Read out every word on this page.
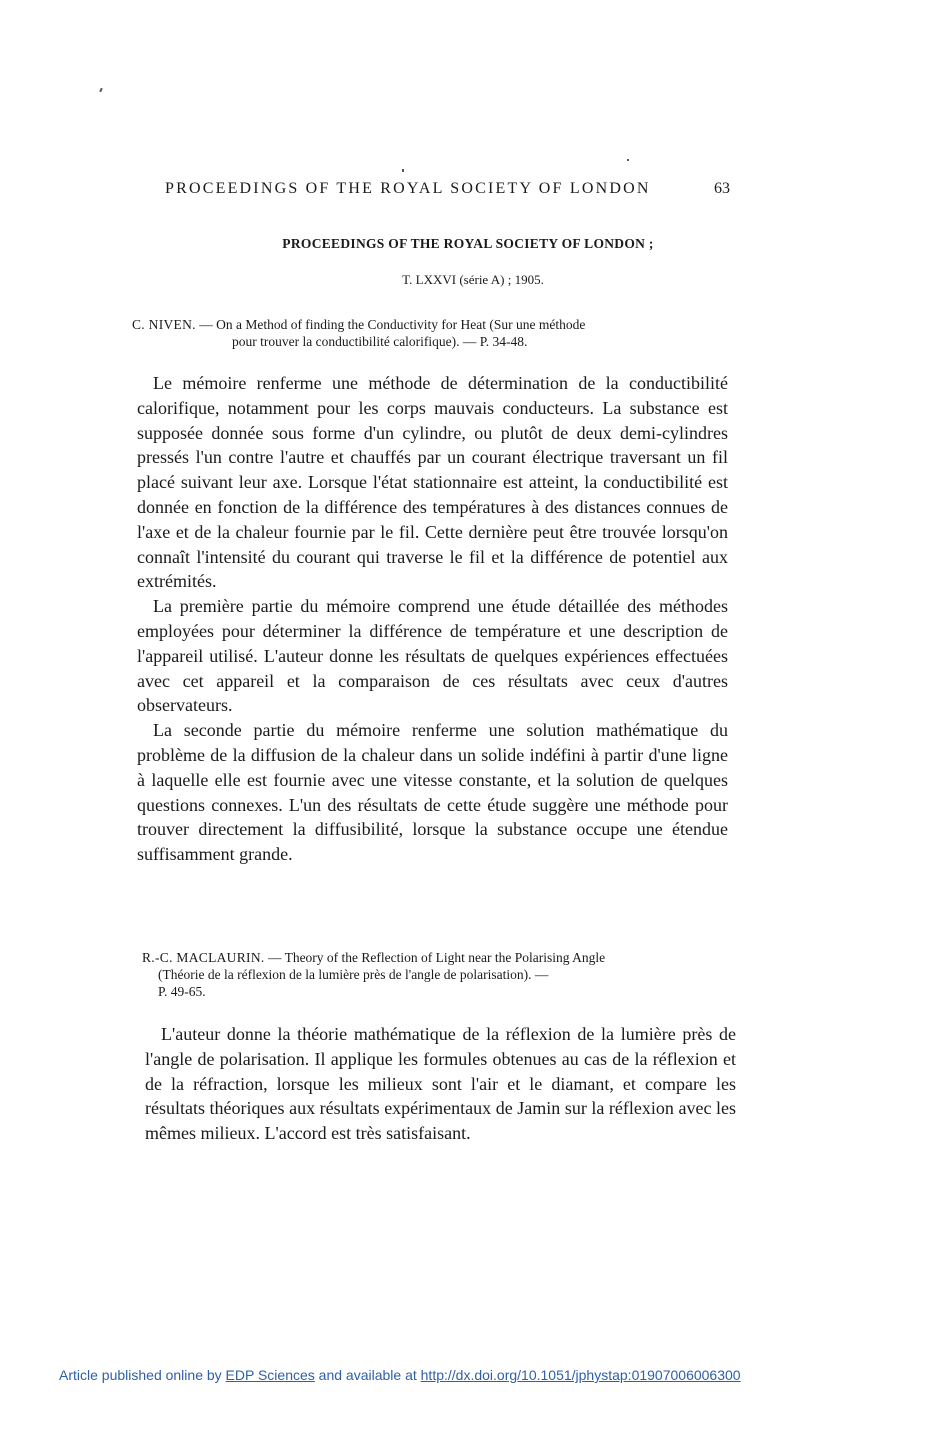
PROCEEDINGS OF THE ROYAL SOCIETY OF LONDON	63
PROCEEDINGS OF THE ROYAL SOCIETY OF LONDON ;
T. LXXVI (série A) ; 1905.
C. NIVEN. — On a Method of finding the Conductivity for Heat (Sur une méthode
pour trouver la conductibilité calorifique). — P. 34-48.

Le mémoire renferme une méthode de détermination de la conductibilité calorifique, notamment pour les corps mauvais conducteurs. La substance est supposée donnée sous forme d'un cylindre, ou plutôt de deux demi-cylindres pressés l'un contre l'autre et chauffés par un courant électrique traversant un fil placé suivant leur axe. Lorsque l'état stationnaire est atteint, la conductibilité est donnée en fonction de la différence des températures à des distances connues de l'axe et de la chaleur fournie par le fil. Cette dernière peut être trouvée lorsqu'on connaît l'intensité du courant qui traverse le fil et la différence de potentiel aux extrémités.

La première partie du mémoire comprend une étude détaillée des méthodes employées pour déterminer la différence de température et une description de l'appareil utilisé. L'auteur donne les résultats de quelques expériences effectuées avec cet appareil et la comparaison de ces résultats avec ceux d'autres observateurs.

La seconde partie du mémoire renferme une solution mathématique du problème de la diffusion de la chaleur dans un solide indéfini à partir d'une ligne à laquelle elle est fournie avec une vitesse constante, et la solution de quelques questions connexes. L'un des résultats de cette étude suggère une méthode pour trouver directement la diffusibilité, lorsque la substance occupe une étendue suffisamment grande.

R.-C. MACLAURIN. — Theory of the Reflection of Light near the Polarising Angle
(Théorie de la réflexion de la lumière près de l'angle de polarisation). —
P. 49-65.

L'auteur donne la théorie mathématique de la réflexion de la lumière près de l'angle de polarisation. Il applique les formules obtenues au cas de la réflexion et de la réfraction, lorsque les milieux sont l'air et le diamant, et compare les résultats théoriques aux résultats expérimentaux de Jamin sur la réflexion avec les mêmes milieux. L'accord est très satisfaisant.

Article published online by EDP Sciences and available at http://dx.doi.org/10.1051/jphystap:01907006006300
